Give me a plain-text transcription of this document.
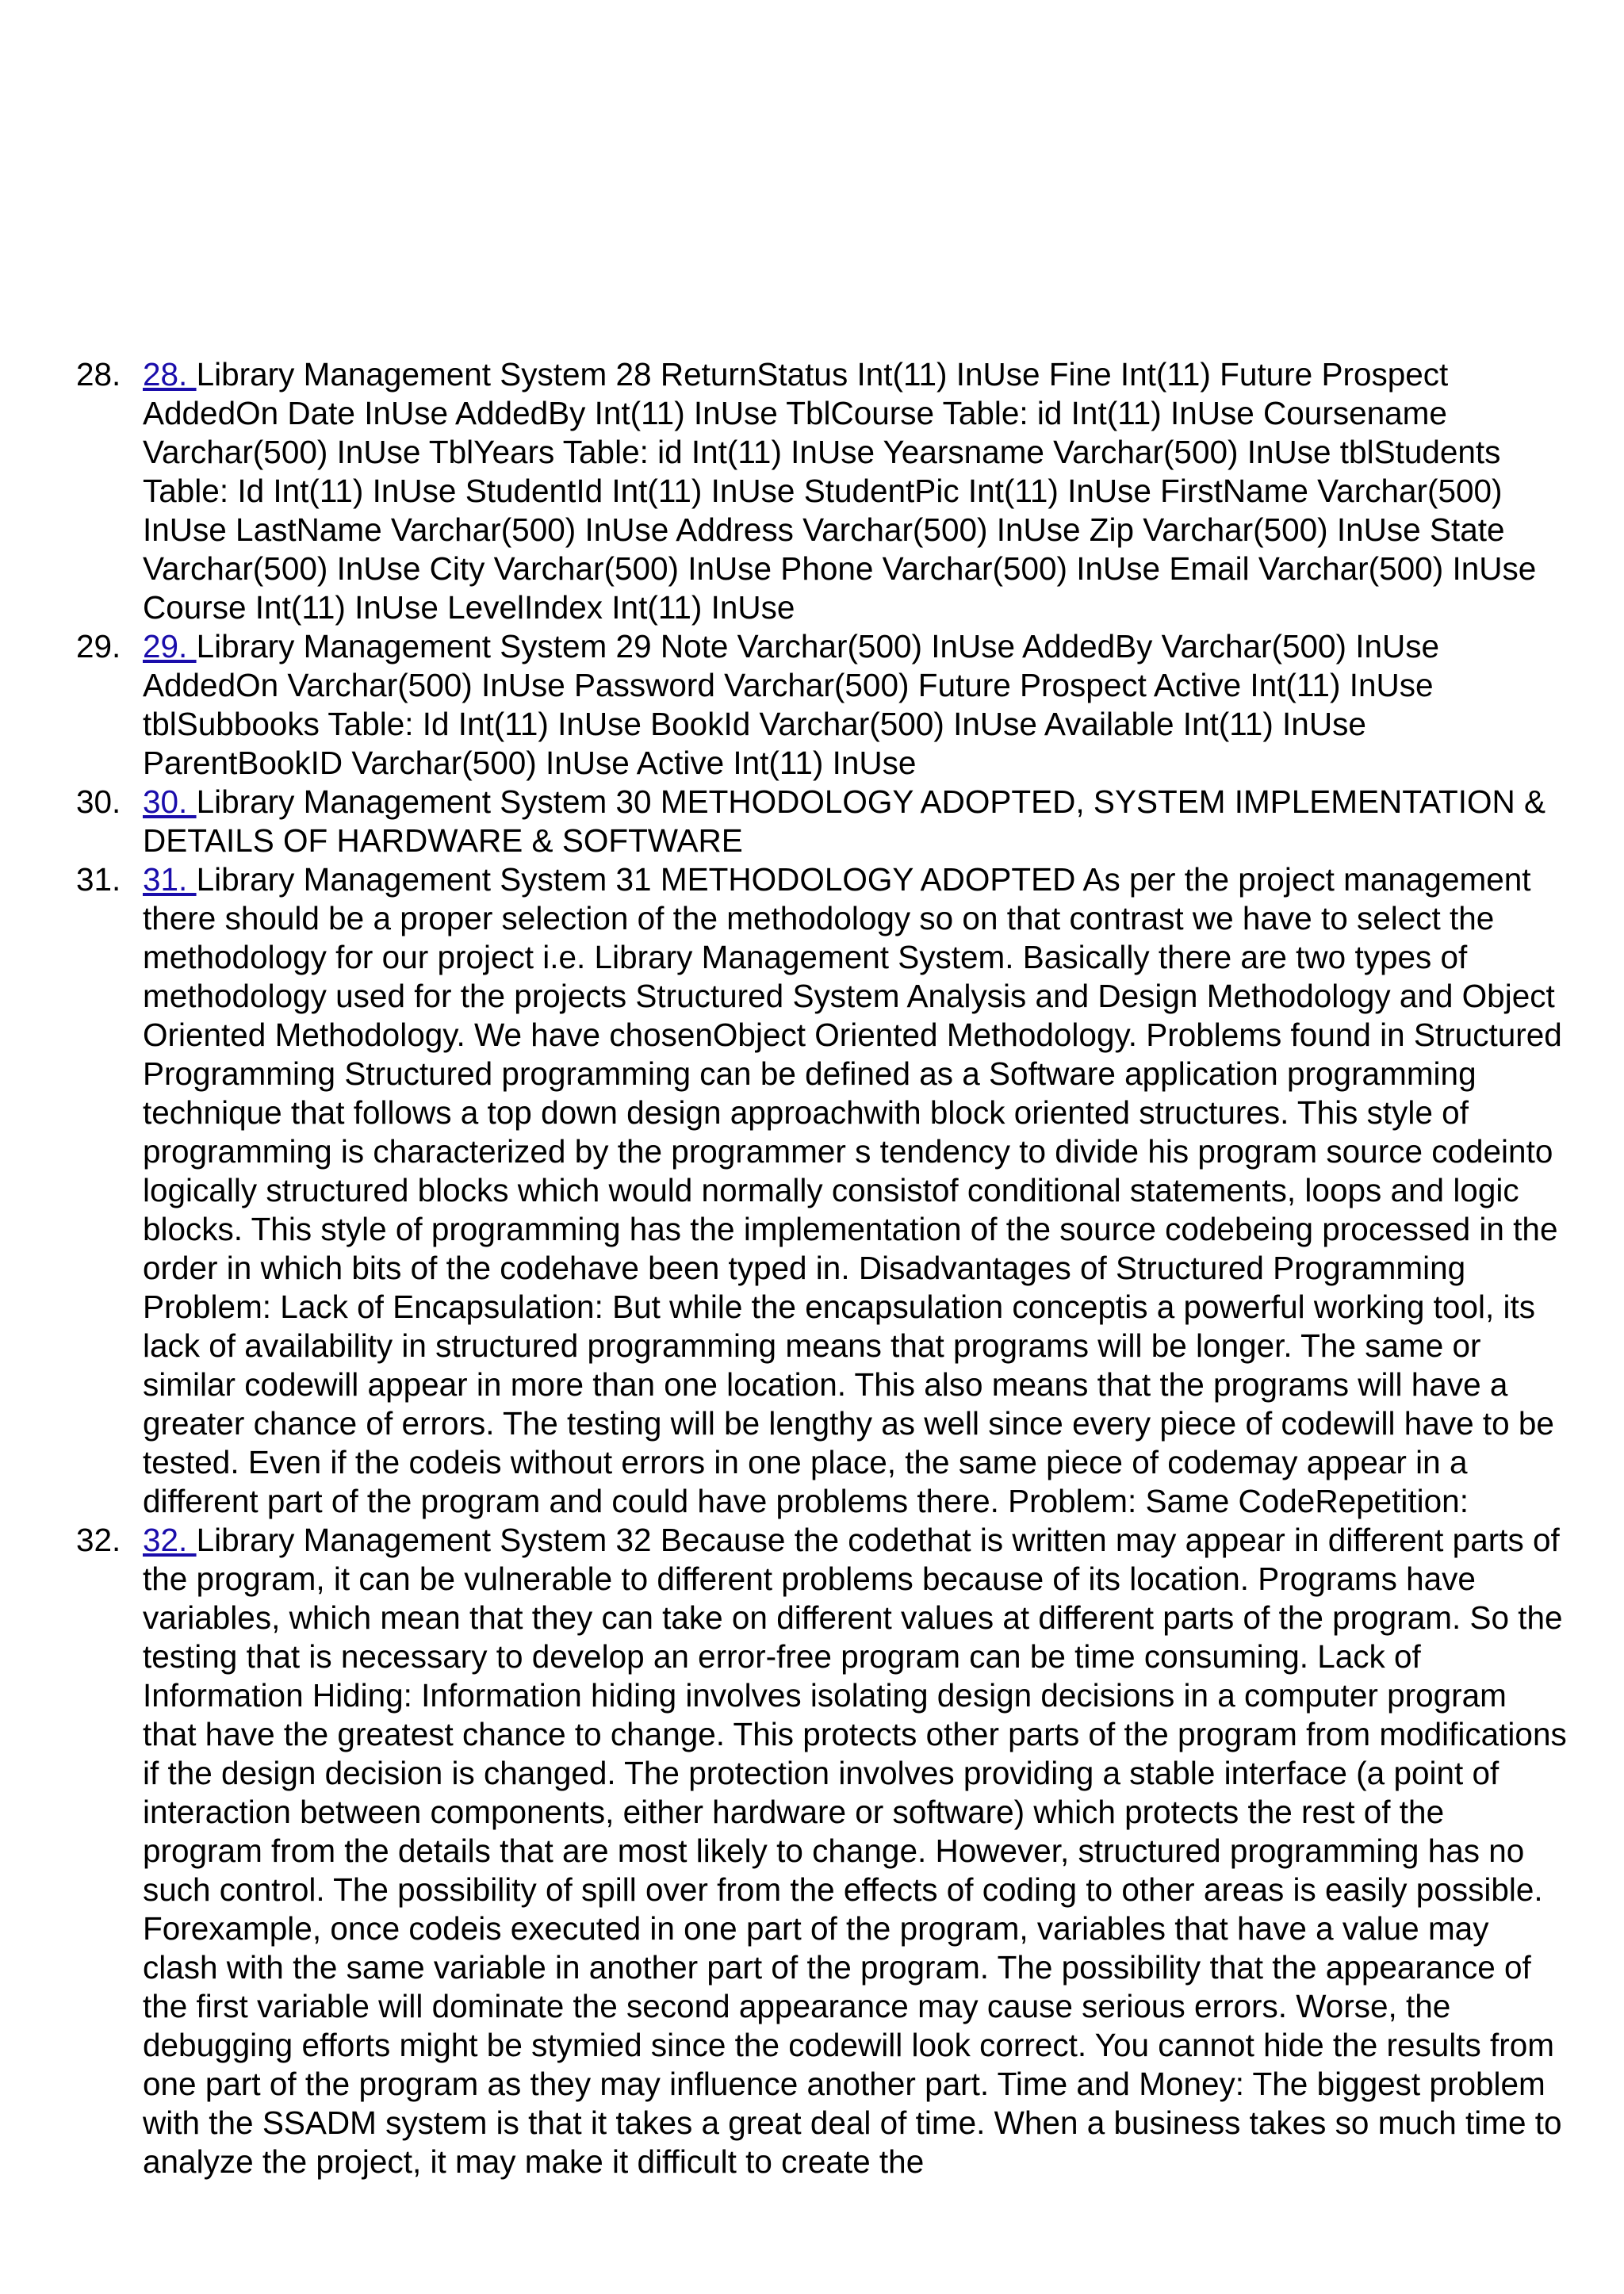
28. 28. Library Management System 28 ReturnStatus Int(11) InUse Fine Int(11) Future Prospect AddedOn Date InUse AddedBy Int(11) InUse TblCourse Table: id Int(11) InUse Coursename Varchar(500) InUse TblYears Table: id Int(11) InUse Yearsname Varchar(500) InUse tblStudents Table: Id Int(11) InUse StudentId Int(11) InUse StudentPic Int(11) InUse FirstName Varchar(500) InUse LastName Varchar(500) InUse Address Varchar(500) InUse Zip Varchar(500) InUse State Varchar(500) InUse City Varchar(500) InUse Phone Varchar(500) InUse Email Varchar(500) InUse Course Int(11) InUse LevelIndex Int(11) InUse
29. 29. Library Management System 29 Note Varchar(500) InUse AddedBy Varchar(500) InUse AddedOn Varchar(500) InUse Password Varchar(500) Future Prospect Active Int(11) InUse tblSubbooks Table: Id Int(11) InUse BookId Varchar(500) InUse Available Int(11) InUse ParentBookID Varchar(500) InUse Active Int(11) InUse
30. 30. Library Management System 30 METHODOLOGY ADOPTED, SYSTEM IMPLEMENTATION & DETAILS OF HARDWARE & SOFTWARE
31. 31. Library Management System 31 METHODOLOGY ADOPTED As per the project management there should be a proper selection of the methodology so on that contrast we have to select the methodology for our project i.e. Library Management System. Basically there are two types of methodology used for the projects Structured System Analysis and Design Methodology and Object Oriented Methodology. We have chosenObject Oriented Methodology. Problems found in Structured Programming Structured programming can be defined as a Software application programming technique that follows a top down design approachwith block oriented structures. This style of programming is characterized by the programmer s tendency to divide his program source codeinto logically structured blocks which would normally consistof conditional statements, loops and logic blocks. This style of programming has the implementation of the source codebeing processed in the order in which bits of the codehave been typed in. Disadvantages of Structured Programming Problem: Lack of Encapsulation: But while the encapsulation conceptis a powerful working tool, its lack of availability in structured programming means that programs will be longer. The same or similar codewill appear in more than one location. This also means that the programs will have a greater chance of errors. The testing will be lengthy as well since every piece of codewill have to be tested. Even if the codeis without errors in one place, the same piece of codemay appear in a different part of the program and could have problems there. Problem: Same CodeRepetition:
32. 32. Library Management System 32 Because the codethat is written may appear in different parts of the program, it can be vulnerable to different problems because of its location. Programs have variables, which mean that they can take on different values at different parts of the program. So the testing that is necessary to develop an error-free program can be time consuming. Lack of Information Hiding: Information hiding involves isolating design decisions in a computer program that have the greatest chance to change. This protects other parts of the program from modifications if the design decision is changed. The protection involves providing a stable interface (a point of interaction between components, either hardware or software) which protects the rest of the program from the details that are most likely to change. However, structured programming has no such control. The possibility of spill over from the effects of coding to other areas is easily possible. Forexample, once codeis executed in one part of the program, variables that have a value may clash with the same variable in another part of the program. The possibility that the appearance of the first variable will dominate the second appearance may cause serious errors. Worse, the debugging efforts might be stymied since the codewill look correct. You cannot hide the results from one part of the program as they may influence another part. Time and Money: The biggest problem with the SSADM system is that it takes a great deal of time. When a business takes so much time to analyze the project, it may make it difficult to create the
